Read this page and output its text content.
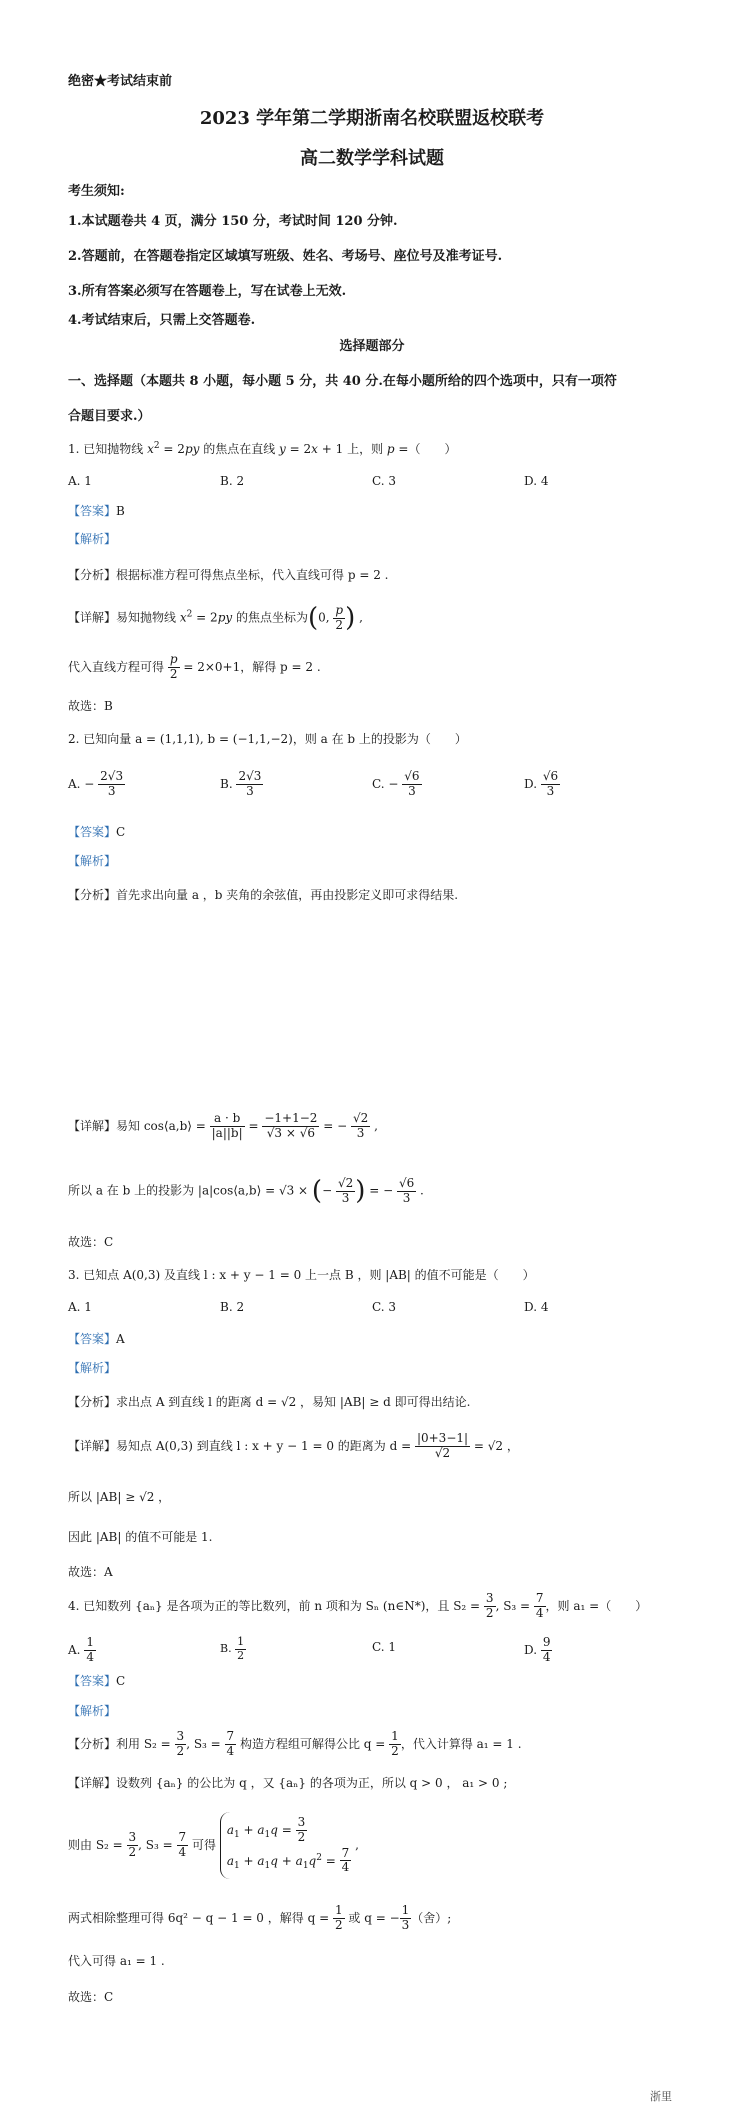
绝密★考试结束前
2023 学年第二学期浙南名校联盟返校联考
高二数学学科试题
考生须知:
1.本试题卷共 4 页，满分 150 分，考试时间 120 分钟.
2.答题前，在答题卷指定区域填写班级、姓名、考场号、座位号及准考证号.
3.所有答案必须写在答题卷上，写在试卷上无效.
4.考试结束后，只需上交答题卷.
选择题部分
一、选择题（本题共 8 小题，每小题 5 分，共 40 分.在每小题所给的四个选项中，只有一项符
合题目要求.）
1. 已知抛物线 $x^2 = 2py$ 的焦点在直线 y = 2x + 1 上，则 p =（　　）
A. 1	B. 2	C. 3	D. 4
【答案】B
【解析】
【分析】根据标准方程可得焦点坐标，代入直线可得 p = 2 .
【详解】易知抛物线 $x^2 = 2py$ 的焦点坐标为(0, $\frac{p}{2}$ ) ,
代入直线方程可得 $\frac{p}{2} = 2\times 0+1$，解得 p = 2 .
故选：B
2. 已知向量 a = (1,1,1), b = (−1,1,−2)，则 a 在 b 上的投影为（　　）
A. − $\frac{2√3}{3}$	B. $\frac{2√3}{3}$	C. − $\frac{√6}{3}$	D. $\frac{√6}{3}$
【答案】C
【解析】
【分析】首先求出向量 a ，b 夹角的余弦值，再由投影定义即可求得结果.
【详解】易知 cos⟨a,b⟩ = $\frac{a \cdot b}{|a||b|} = \frac{-1+1-2}{√3 \times √6}$ = − $\frac{√2}{3}$ ,
所以 a 在 b 上的投影为 |a|cos⟨a,b⟩ = √3 × (− $\frac{√2}{3}$ ) = − $\frac{√6}{3}$ .
故选：C
3. 已知点 A(0,3) 及直线 l : x + y − 1 = 0 上一点 B ，则 |AB| 的值不可能是（　　）
A. 1	B. 2	C. 3	D. 4
【答案】A
【解析】
【分析】求出点 A 到直线 l 的距离 d = √2 ，易知 |AB| ≥ d 即可得出结论.
【详解】易知点 A(0,3) 到直线 l : x + y − 1 = 0 的距离为 $d = \frac{|0+3-1|}{√2} = √2$ ，
所以 |AB| ≥ √2 ，
因此 |AB| 的值不可能是 1.
故选：A
4. 已知数列 {aₙ} 是各项为正的等比数列，前 n 项和为 Sₙ (n∈N*)，且 $S_2 = \frac{3}{2}$ , $S_3 = \frac{7}{4}$ ，则 a₁ =（　　）
A. $\frac{1}{4}$	B. $\frac{1}{2}$	C. 1	D. $\frac{9}{4}$
【答案】C
【解析】
【分析】利用 $S_2 = \frac{3}{2}$ , $S_3 = \frac{7}{4}$ 构造方程组可解得公比 $q = \frac{1}{2}$ ，代入计算得 a₁ = 1 .
【详解】设数列 {aₙ} 的公比为 q ，又 {aₙ} 的各项为正，所以 q > 0 ， a₁ > 0 ;
则由 $S_2 = \frac{3}{2}$ , $S_3 = \frac{7}{4}$ 可得
$a_1 + a_1q = \frac{3}{2}$
$a_1 + a_1q + a_1q^2 = \frac{7}{4}$
,
两式相除整理可得 6q² − q − 1 = 0 ，解得 $q = \frac{1}{2}$ 或 q = − $\frac{1}{3}$ （舍）;
代入可得 a₁ = 1 .
故选：C
浙里
